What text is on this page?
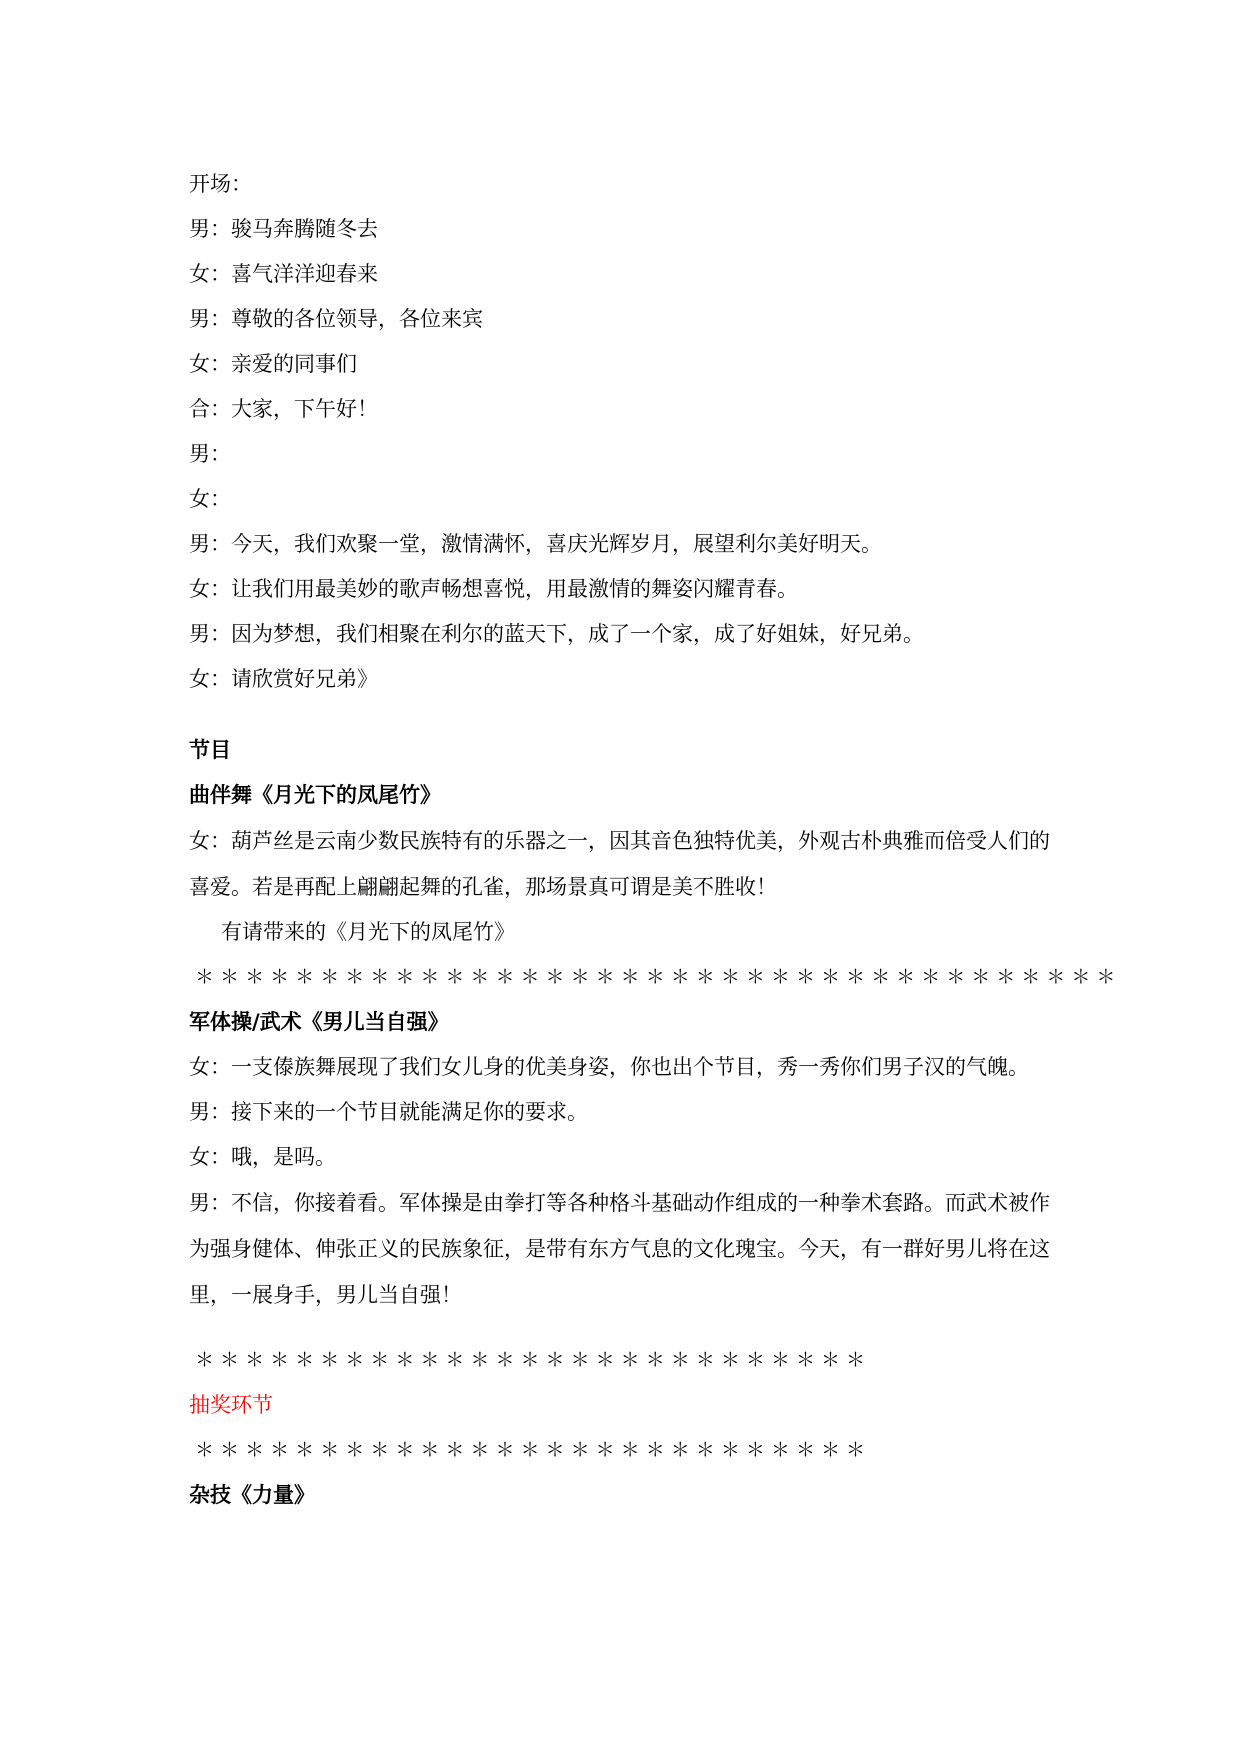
开场：
男：骏马奔腾随冬去
女：喜气洋洋迎春来
男：尊敬的各位领导，各位来宾
女：亲爱的同事们
合：大家，下午好！
男：
女：
男：今天，我们欢聚一堂，激情满怀，喜庆光辉岁月，展望利尔美好明天。
女：让我们用最美妙的歌声畅想喜悦，用最激情的舞姿闪耀青春。
男：因为梦想，我们相聚在利尔的蓝天下，成了一个家，成了好姐妹，好兄弟。
女：请欣赏好兄弟》
节目
曲伴舞《月光下的凤尾竹》
女：葫芦丝是云南少数民族特有的乐器之一，因其音色独特优美，外观古朴典雅而倍受人们的喜爱。若是再配上翩翩起舞的孔雀，那场景真可谓是美不胜收！
有请带来的《月光下的凤尾竹》
＊ ＊ ＊ ＊ ＊ ＊ ＊ ＊ ＊ ＊ ＊ ＊ ＊ ＊ ＊ ＊ ＊ ＊ ＊ ＊ ＊ ＊ ＊ ＊ ＊ ＊ ＊ ＊ ＊ ＊ ＊ ＊ ＊ ＊ ＊ ＊ ＊
军体操/武术《男儿当自强》
女：一支傣族舞展现了我们女儿身的优美身姿，你也出个节目，秀一秀你们男子汉的气魄。
男：接下来的一个节目就能满足你的要求。
女：哦，是吗。
男：不信，你接着看。军体操是由拳打等各种格斗基础动作组成的一种拳术套路。而武术被作为强身健体、伸张正义的民族象征，是带有东方气息的文化瑰宝。今天，有一群好男儿将在这里，一展身手，男儿当自强！
＊ ＊ ＊ ＊ ＊ ＊ ＊ ＊ ＊ ＊ ＊ ＊ ＊ ＊ ＊ ＊ ＊ ＊ ＊ ＊ ＊ ＊ ＊ ＊ ＊ ＊ ＊
抽奖环节
＊ ＊ ＊ ＊ ＊ ＊ ＊ ＊ ＊ ＊ ＊ ＊ ＊ ＊ ＊ ＊ ＊ ＊ ＊ ＊ ＊ ＊ ＊ ＊ ＊ ＊ ＊
杂技《力量》
